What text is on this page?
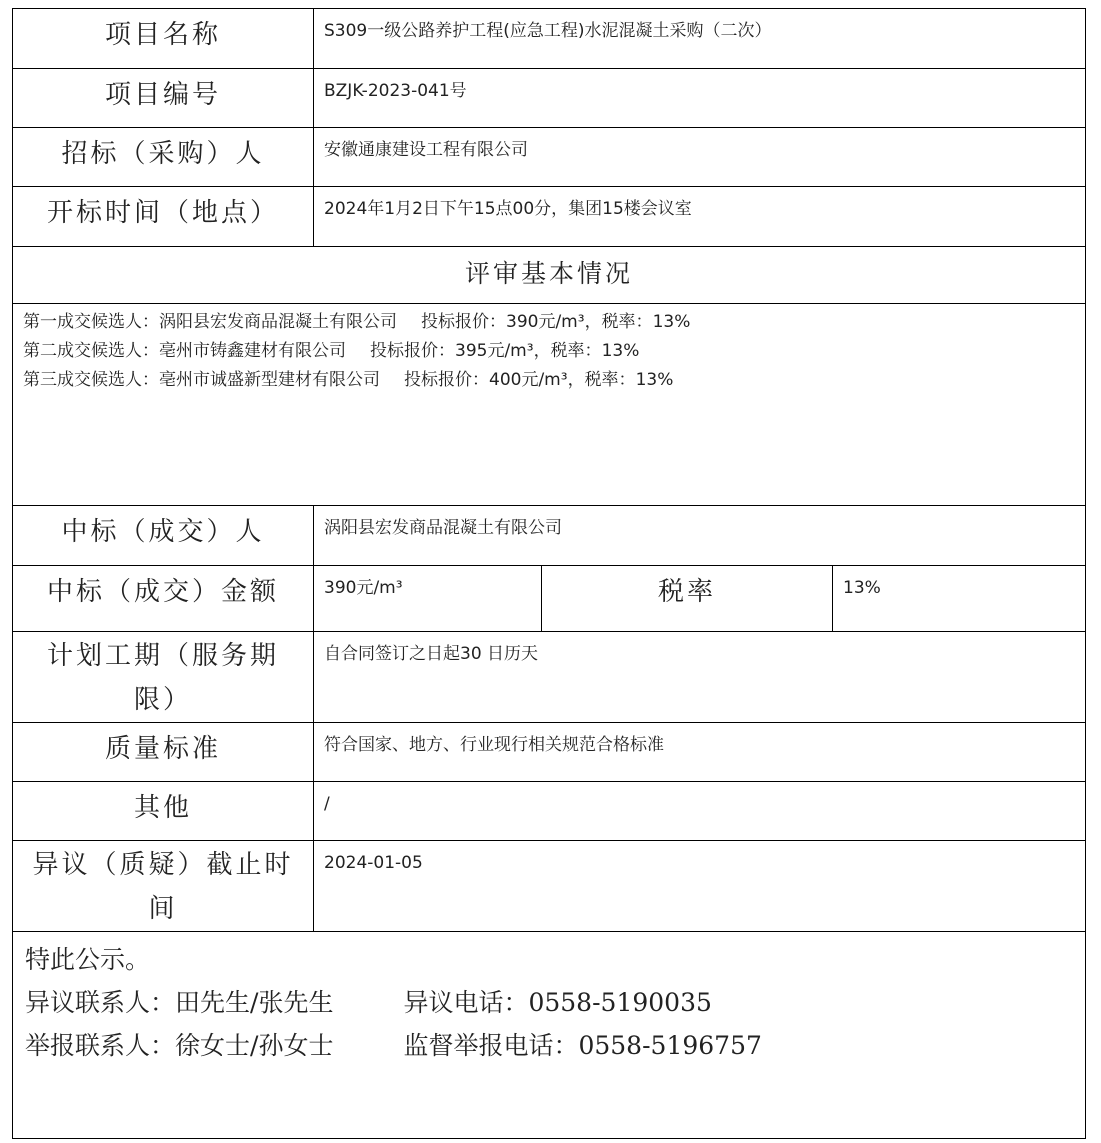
项目名称	S309一级公路养护工程(应急工程)水泥混凝土采购（二次）		
项目编号	BZJK-2023-041号		
招标（采购）人	安徽通康建设工程有限公司		
开标时间（地点）	2024年1月2日下午15点00分，集团15楼会议室		
评审基本情况			

第一成交候选人：涡阳县宏发商品混凝土有限公司 投标报价：390元/m³，税率：13%
第二成交候选人：亳州市铸鑫建材有限公司 投标报价：395元/m³，税率：13%
第三成交候选人：亳州市诚盛新型建材有限公司 投标报价：400元/m³，税率：13%			

中标（成交）人	涡阳县宏发商品混凝土有限公司		
中标（成交）金额	390元/m³	税率	13%
计划工期（服务期限）	自合同签订之日起30 日历天		
质量标准	符合国家、地方、行业现行相关规范合格标准		
其他	/		
异议（质疑）截止时间	2024-01-05		

特此公示。
异议联系人：田先生/张先生 异议电话：0558-5190035
举报联系人：徐女士/孙女士 监督举报电话：0558-5196757			
